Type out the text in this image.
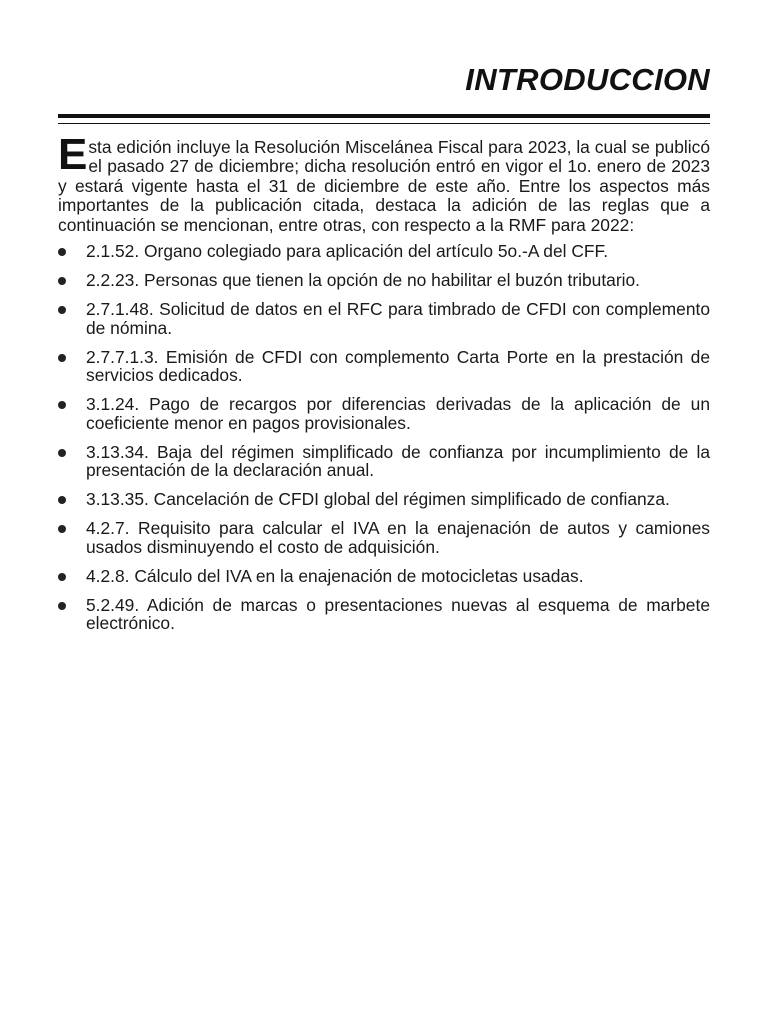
INTRODUCCION

Esta edición incluye la Resolución Miscelánea Fiscal para 2023, la cual se publicó el pasado 27 de diciembre; dicha resolución entró en vigor el 1o. enero de 2023 y estará vigente hasta el 31 de diciembre de este año. Entre los aspectos más importantes de la publicación citada, destaca la adición de las reglas que a continuación se mencionan, entre otras, con respecto a la RMF para 2022:

2.1.52. Organo colegiado para aplicación del artículo 5o.-A del CFF.
2.2.23. Personas que tienen la opción de no habilitar el buzón tributario.
2.7.1.48. Solicitud de datos en el RFC para timbrado de CFDI con complemento de nómina.
2.7.7.1.3. Emisión de CFDI con complemento Carta Porte en la prestación de servicios dedicados.
3.1.24. Pago de recargos por diferencias derivadas de la aplicación de un coeficiente menor en pagos provisionales.
3.13.34. Baja del régimen simplificado de confianza por incumplimiento de la presentación de la declaración anual.
3.13.35. Cancelación de CFDI global del régimen simplificado de confianza.
4.2.7. Requisito para calcular el IVA en la enajenación de autos y camiones usados disminuyendo el costo de adquisición.
4.2.8. Cálculo del IVA en la enajenación de motocicletas usadas.
5.2.49. Adición de marcas o presentaciones nuevas al esquema de marbete electrónico.
